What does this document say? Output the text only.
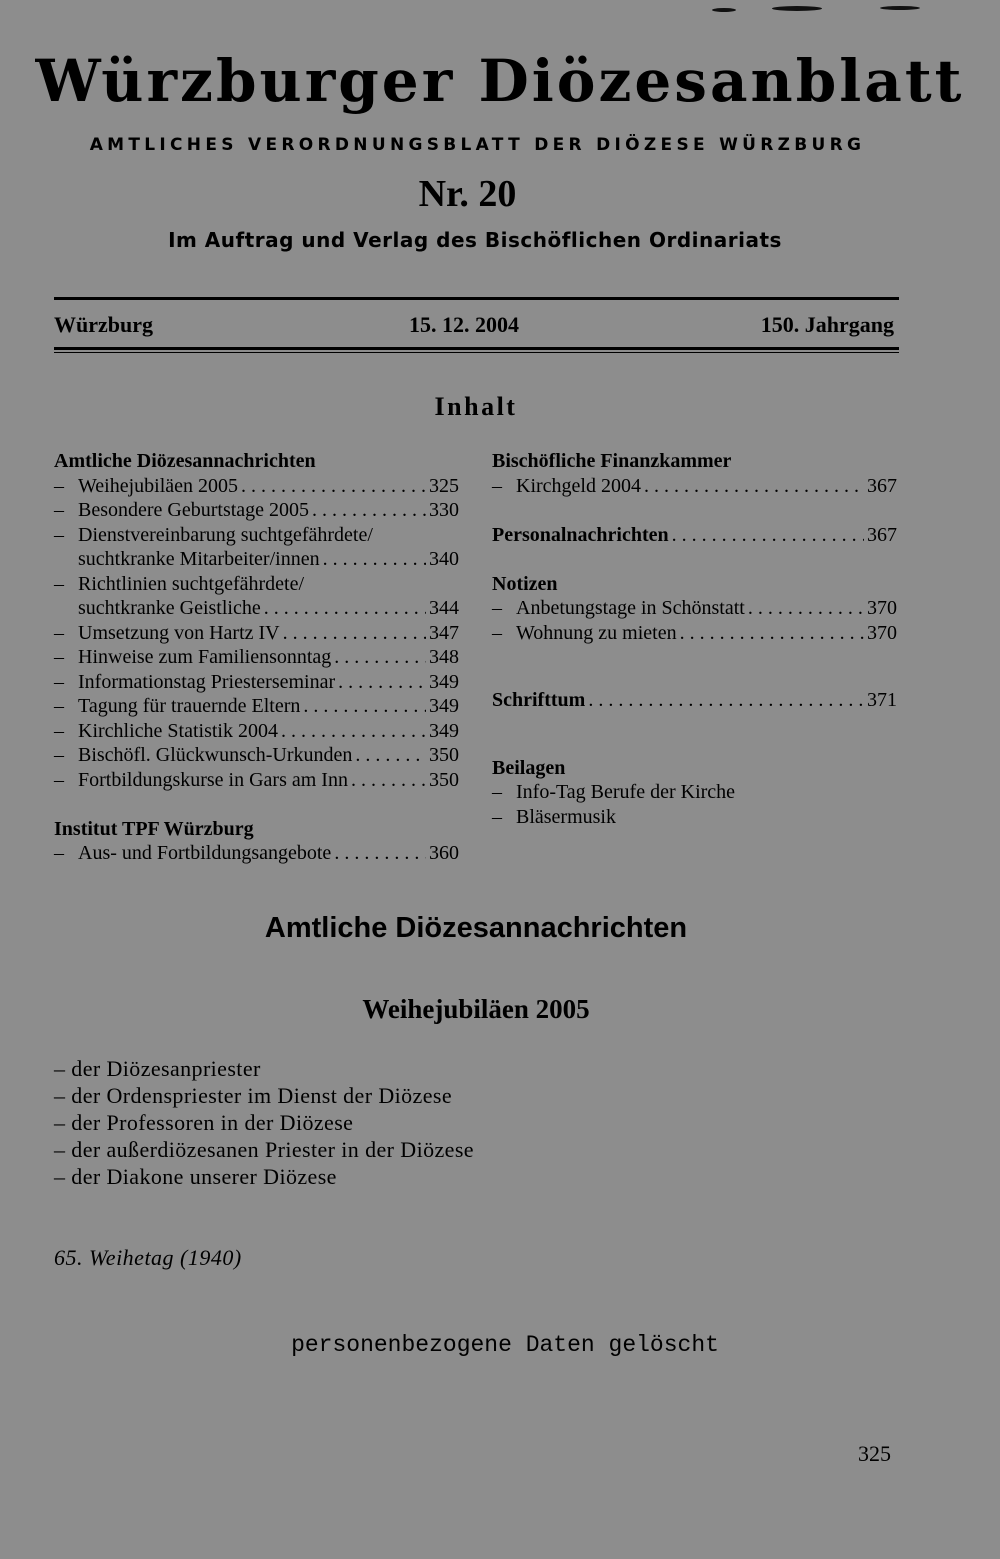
Würzburger Diözesanblatt
AMTLICHES VERORDNUNGSBLATT DER DIÖZESE WÜRZBURG
Nr. 20
Im Auftrag und Verlag des Bischöflichen Ordinariats
Würzburg	15. 12. 2004	150. Jahrgang
Inhalt
Amtliche Diözesannachrichten
– Weihejubiläen 2005 . . .	325
– Besondere Geburtstage 2005 . . .	330
– Dienstvereinbarung suchtgefährdete/
suchtkranke Mitarbeiter/innen . . .	340
– Richtlinien suchtgefährdete/
suchtkranke Geistliche . . .	344
– Umsetzung von Hartz IV . . .	347
– Hinweise zum Familiensonntag . . .	348
– Informationstag Priesterseminar . . .	349
– Tagung für trauernde Eltern . . .	349
– Kirchliche Statistik 2004 . . .	349
– Bischöfl. Glückwunsch-Urkunden . . .	350
– Fortbildungskurse in Gars am Inn . . .	350
Institut TPF Würzburg
– Aus- und Fortbildungsangebote . . .	360
Bischöfliche Finanzkammer
– Kirchgeld 2004 . . .	367
Personalnachrichten . . .	367
Notizen
– Anbetungstage in Schönstatt . . .	370
– Wohnung zu mieten . . .	370
Schrifttum . . .	371
Beilagen
– Info-Tag Berufe der Kirche
– Bläsermusik
Amtliche Diözesannachrichten
Weihejubiläen 2005
– der Diözesanpriester
– der Ordenspriester im Dienst der Diözese
– der Professoren in der Diözese
– der außerdiözesanen Priester in der Diözese
– der Diakone unserer Diözese
65. Weihetag (1940)
personenbezogene Daten gelöscht
325
